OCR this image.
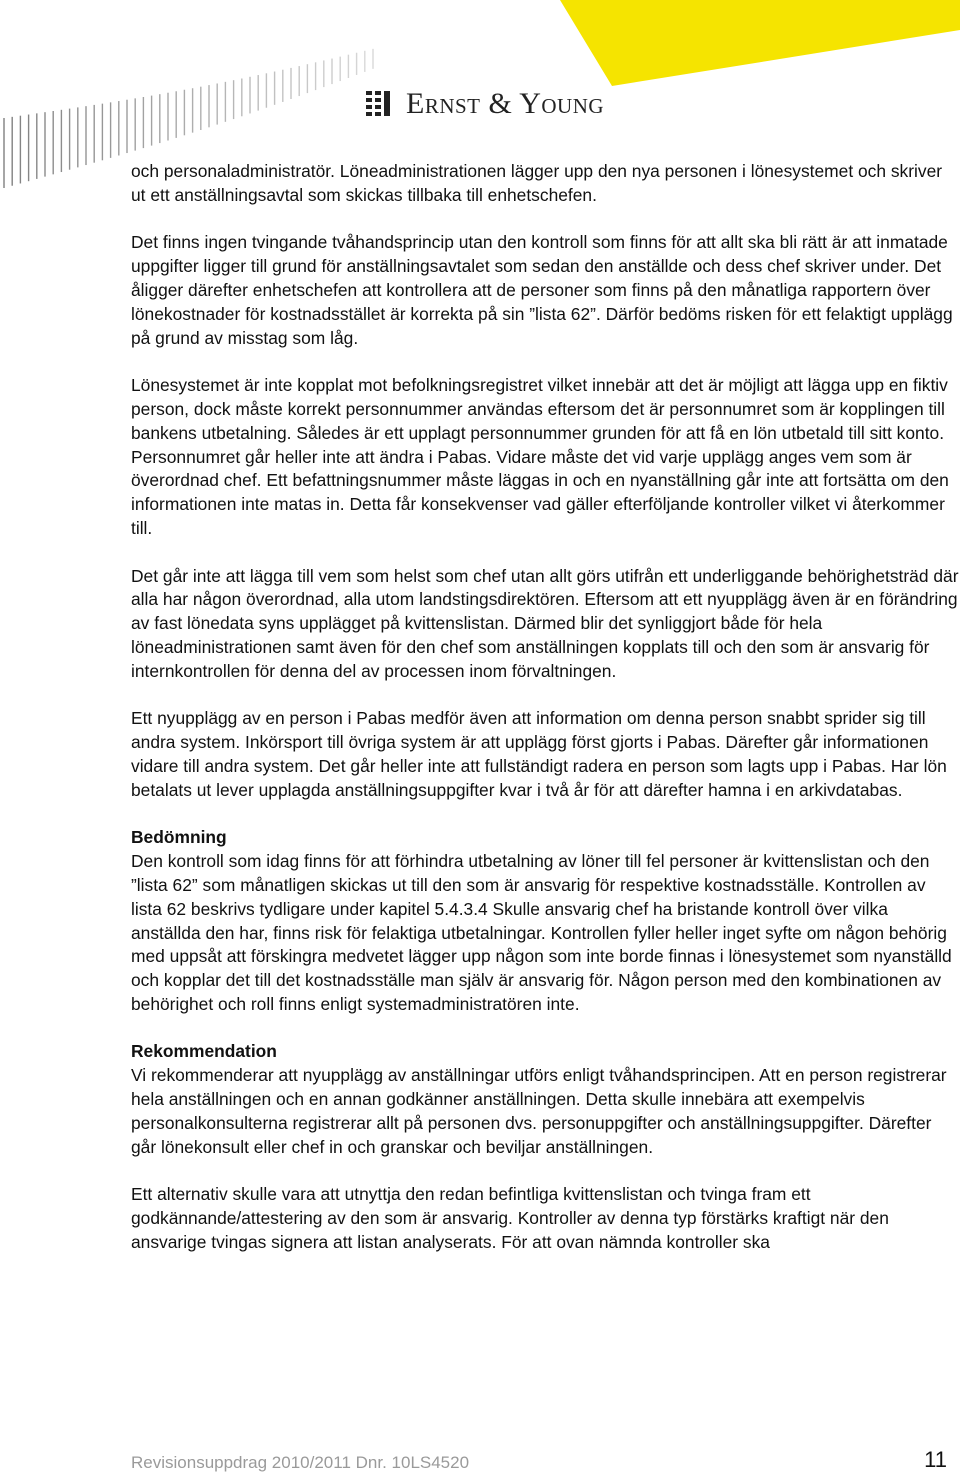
Ernst & Young

och personaladministratör. Löneadministrationen lägger upp den nya personen i lönesystemet och skriver ut ett anställningsavtal som skickas tillbaka till enhetschefen.

Det finns ingen tvingande tvåhandsprincip utan den kontroll som finns för att allt ska bli rätt är att inmatade uppgifter ligger till grund för anställningsavtalet som sedan den anställde och dess chef skriver under. Det åligger därefter enhetschefen att kontrollera att de personer som finns på den månatliga rapportern över lönekostnader för kostnadsstället är korrekta på sin ”lista 62”. Därför bedöms risken för ett felaktigt upplägg på grund av misstag som låg.

Lönesystemet är inte kopplat mot befolkningsregistret vilket innebär att det är möjligt att lägga upp en fiktiv person, dock måste korrekt personnummer användas eftersom det är personnumret som är kopplingen till bankens utbetalning. Således är ett upplagt personnummer grunden för att få en lön utbetald till sitt konto. Personnumret går heller inte att ändra i Pabas. Vidare måste det vid varje upplägg anges vem som är överordnad chef. Ett befattningsnummer måste läggas in och en nyanställning går inte att fortsätta om den informationen inte matas in. Detta får konsekvenser vad gäller efterföljande kontroller vilket vi återkommer till.

Det går inte att lägga till vem som helst som chef utan allt görs utifrån ett underliggande behörighetsträd där alla har någon överordnad, alla utom landstingsdirektören. Eftersom att ett nyupplägg även är en förändring av fast lönedata syns upplägget på kvittenslistan. Därmed blir det synliggjort både för hela löneadministrationen samt även för den chef som anställningen kopplats till och den som är ansvarig för internkontrollen för denna del av processen inom förvaltningen.

Ett nyupplägg av en person i Pabas medför även att information om denna person snabbt sprider sig till andra system. Inkörsport till övriga system är att upplägg först gjorts i Pabas. Därefter går informationen vidare till andra system. Det går heller inte att fullständigt radera en person som lagts upp i Pabas. Har lön betalats ut lever upplagda anställningsuppgifter kvar i två år för att därefter hamna i en arkivdatabas.

Bedömning
Den kontroll som idag finns för att förhindra utbetalning av löner till fel personer är kvittenslistan och den ”lista 62” som månatligen skickas ut till den som är ansvarig för respektive kostnadsställe. Kontrollen av lista 62 beskrivs tydligare under kapitel 5.4.3.4 Skulle ansvarig chef ha bristande kontroll över vilka anställda den har, finns risk för felaktiga utbetalningar. Kontrollen fyller heller inget syfte om någon behörig med uppsåt att förskingra medvetet lägger upp någon som inte borde finnas i lönesystemet som nyanställd och kopplar det till det kostnadsställe man själv är ansvarig för. Någon person med den kombinationen av behörighet och roll finns enligt systemadministratören inte.

Rekommendation
Vi rekommenderar att nyupplägg av anställningar utförs enligt tvåhandsprincipen. Att en person registrerar hela anställningen och en annan godkänner anställningen. Detta skulle innebära att exempelvis personalkonsulterna registrerar allt på personen dvs. personuppgifter och anställningsuppgifter. Därefter går lönekonsult eller chef in och granskar och beviljar anställningen.

Ett alternativ skulle vara att utnyttja den redan befintliga kvittenslistan och tvinga fram ett godkännande/attestering av den som är ansvarig. Kontroller av denna typ förstärks kraftigt när den ansvarige tvingas signera att listan analyserats. För att ovan nämnda kontroller ska

Revisionsuppdrag 2010/2011 Dnr. 10LS4520	11
